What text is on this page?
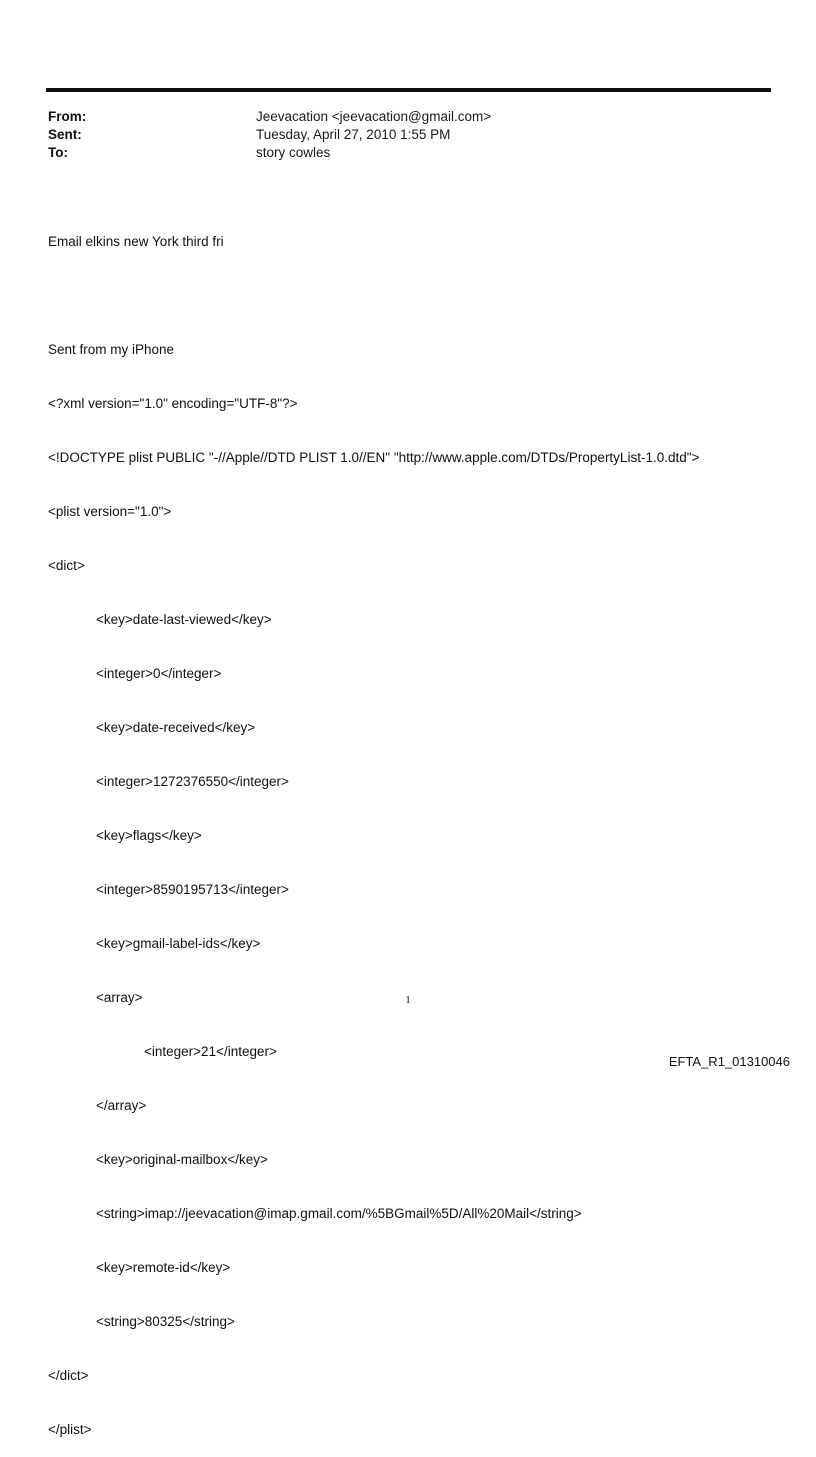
From:	Jeevacation <jeevacation@gmail.com>
Sent:	Tuesday, April 27, 2010 1:55 PM
To:	story cowles

Email elkins new York third fri

Sent from my iPhone

<?xml version="1.0" encoding="UTF-8"?>

<!DOCTYPE plist PUBLIC "-//Apple//DTD PLIST 1.0//EN" "http://www.apple.com/DTDs/PropertyList-1.0.dtd">

<plist version="1.0">

<dict>

<key>date-last-viewed</key>

<integer>0</integer>

<key>date-received</key>

<integer>1272376550</integer>

<key>flags</key>

<integer>8590195713</integer>

<key>gmail-label-ids</key>

<array>

<integer>21</integer>

</array>

<key>original-mailbox</key>

<string>imap://jeevacation@imap.gmail.com/%5BGmail%5D/All%20Mail</string>

<key>remote-id</key>

<string>80325</string>

</dict>

</plist>

1
EFTA_R1_01310046
